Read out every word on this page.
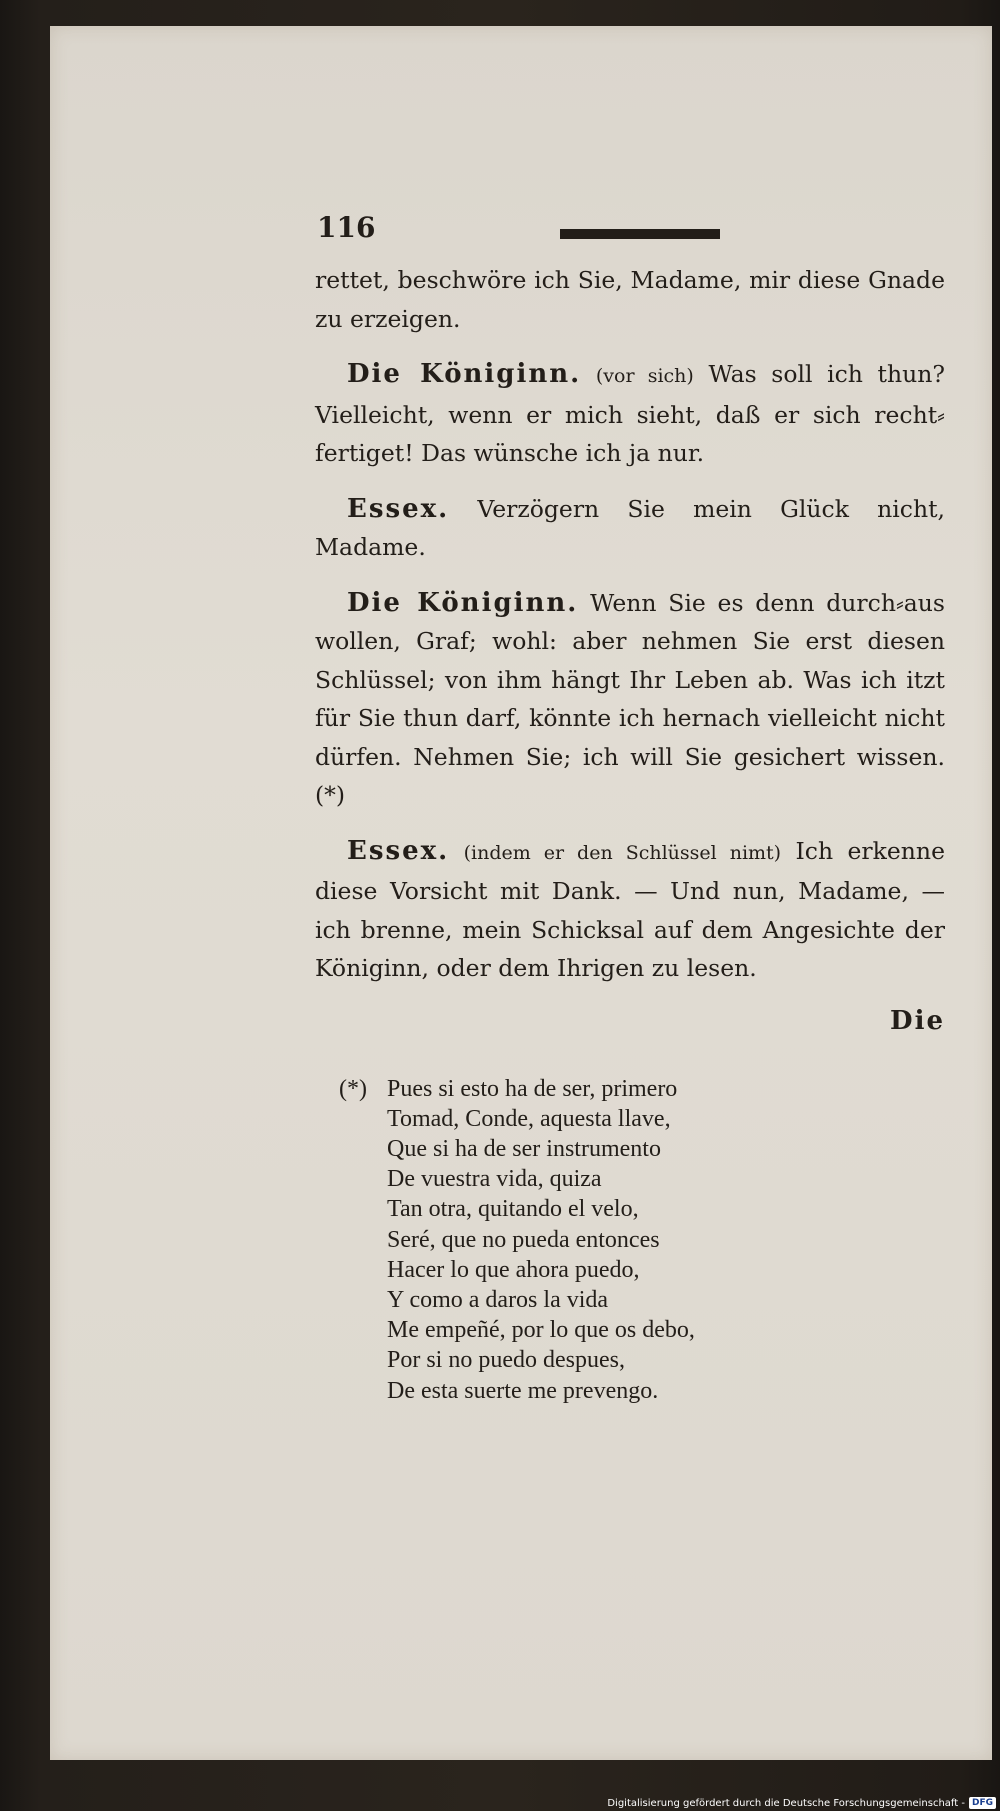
116

rettet, beschwöre ich Sie, Madame, mir diese Gnade zu erzeigen.

Die Königinn. (vor sich) Was soll ich thun? Vielleicht, wenn er mich sieht, daß er sich recht⸗fertiget! Das wünsche ich ja nur.

Essex. Verzögern Sie mein Glück nicht, Madame.

Die Königinn. Wenn Sie es denn durch⸗aus wollen, Graf; wohl: aber nehmen Sie erst diesen Schlüssel; von ihm hängt Ihr Leben ab. Was ich itzt für Sie thun darf, könnte ich hernach vielleicht nicht dürfen. Nehmen Sie; ich will Sie gesichert wissen. (*)

Essex. (indem er den Schlüssel nimt) Ich erkenne diese Vorsicht mit Dank. — Und nun, Madame, — ich brenne, mein Schicksal auf dem Angesichte der Königinn, oder dem Ihrigen zu lesen.

Die
(*) Pues si esto ha de ser, primero
Tomad, Conde, aquesta llave,
Que si ha de ser instrumento
De vuestra vida, quiza
Tan otra, quitando el velo,
Seré, que no pueda entonces
Hacer lo que ahora puedo,
Y como a daros la vida
Me empeñé, por lo que os debo,
Por si no puedo despues,
De esta suerte me prevengo.
Digitalisierung gefördert durch die Deutsche Forschungsgemeinschaft - DFG
